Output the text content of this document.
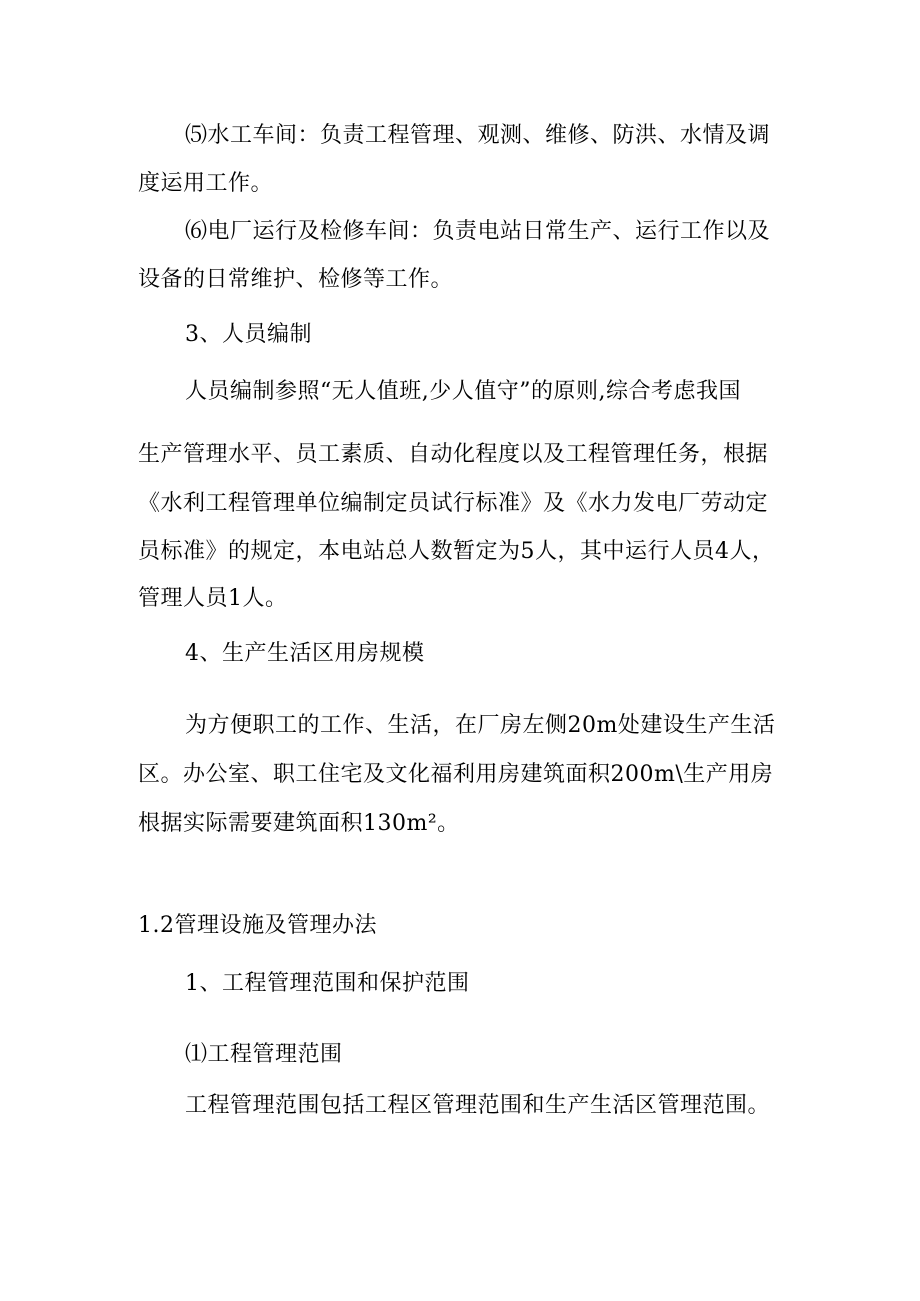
⑸水工车间：负责工程管理、观测、维修、防洪、水情及调
度运用工作。
⑹电厂运行及检修车间：负责电站日常生产、运行工作以及
设备的日常维护、检修等工作。
3、人员编制
人员编制参照“无人值班,少人值守”的原则,综合考虑我国
生产管理水平、员工素质、自动化程度以及工程管理任务，根据
《水利工程管理单位编制定员试行标准》及《水力发电厂劳动定
员标准》的规定，本电站总人数暂定为5人，其中运行人员4人，
管理人员1人。
4、生产生活区用房规模
为方便职工的工作、生活，在厂房左侧20m处建设生产生活
区。办公室、职工住宅及文化福利用房建筑面积200m\生产用房
根据实际需要建筑面积130m²。
1.2管理设施及管理办法
1、工程管理范围和保护范围
⑴工程管理范围
工程管理范围包括工程区管理范围和生产生活区管理范围。
